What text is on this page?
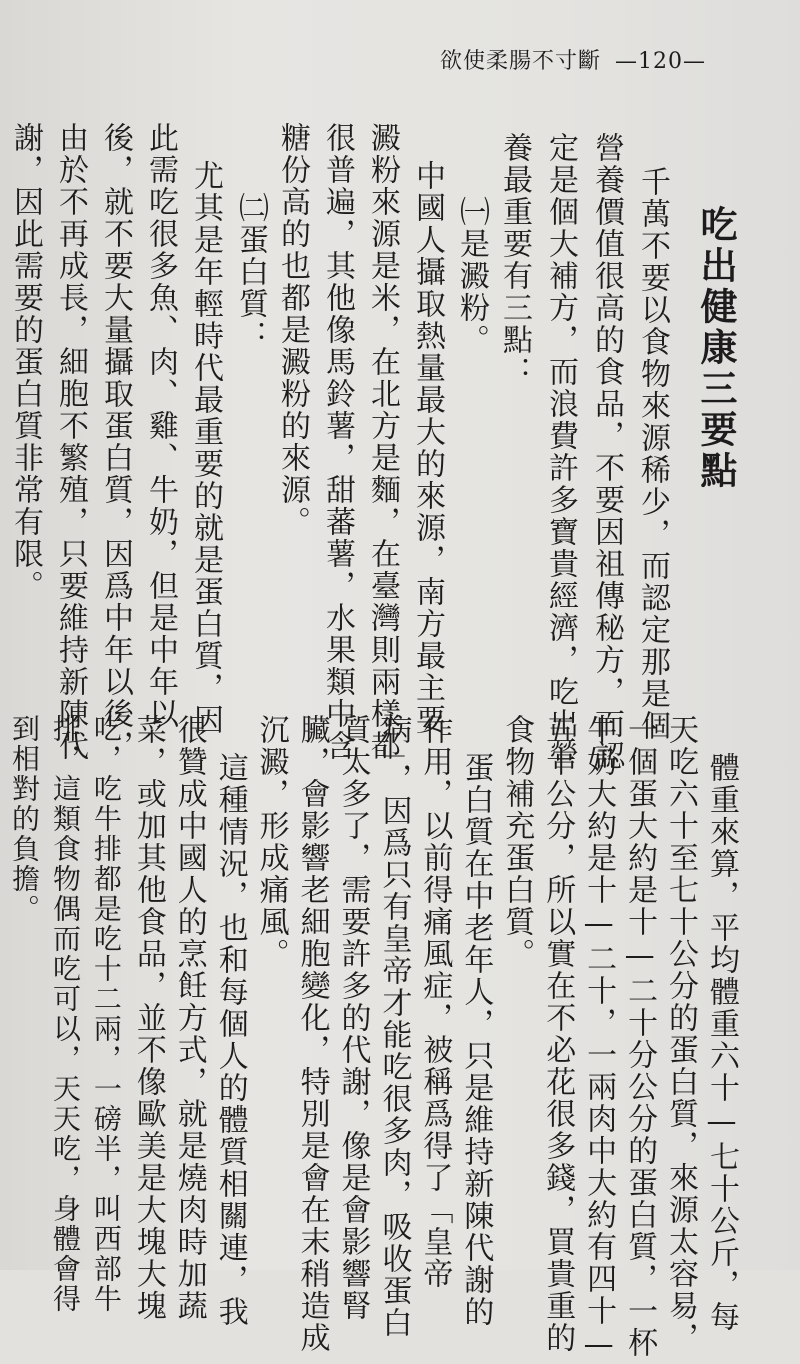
欲使柔腸不寸斷 —120—
吃出健康三要點
千萬不要以食物來源稀少，而認定那是個
營養價值很高的食品，不要因祖傳秘方，而認
定是個大補方，而浪費許多寶貴經濟，吃出營
養最重要有三點：
㈠是澱粉。
中國人攝取熱量最大的來源，南方最主要
澱粉來源是米，在北方是麵，在臺灣則兩樣都
很普遍，其他像馬鈴薯，甜蕃薯，水果類中含
糖份高的也都是澱粉的來源。
㈡蛋白質：
尤其是年輕時代最重要的就是蛋白質，因
此需吃很多魚、肉、雞、牛奶，但是中年以
後，就不要大量攝取蛋白質，因爲中年以後，
由於不再成長，細胞不繁殖，只要維持新陳代
謝，因此需要的蛋白質非常有限。
體重來算，平均體重六十—七十公斤，每
天吃六十至七十公分的蛋白質，來源太容易，
一個蛋大約是十—二十分公分的蛋白質，一杯
牛奶大約是十—二十，一兩肉中大約有四十—
五十公分，所以實在不必花很多錢，買貴重的
食物補充蛋白質。
蛋白質在中老年人，只是維持新陳代謝的
作用，以前得痛風症，被稱爲得了「皇帝
病」，因爲只有皇帝才能吃很多肉，吸收蛋白
質太多了，需要許多的代謝，像是會影響腎
臟，會影響老細胞變化，特別是會在末稍造成
沉澱，形成痛風。
這種情況，也和每個人的體質相關連，我
很贊成中國人的烹飪方式，就是燒肉時加蔬
菜，或加其他食品，並不像歐美是大塊大塊
吃，吃牛排都是吃十二兩，一磅半，叫西部牛
排，這類食物偶而吃可以，天天吃，身體會得
到相對的負擔。
